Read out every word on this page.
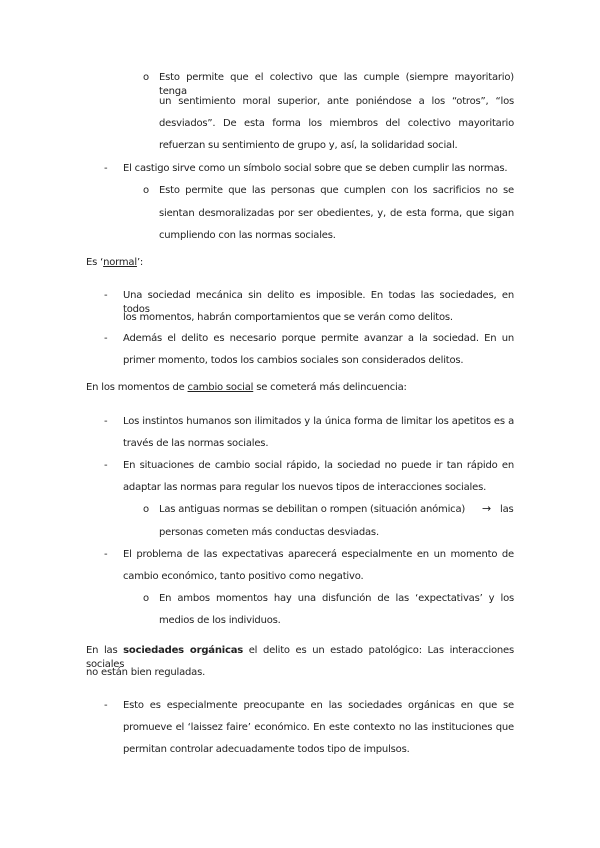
o Esto permite que el colectivo que las cumple (siempre mayoritario) tenga
un sentimiento moral superior, ante poniéndose a los “otros”, “los
desviados”. De esta forma los miembros del colectivo mayoritario
refuerzan su sentimiento de grupo y, así, la solidaridad social.
- El castigo sirve como un símbolo social sobre que se deben cumplir las normas.
o Esto permite que las personas que cumplen con los sacrificios no se
sientan desmoralizadas por ser obedientes, y, de esta forma, que sigan
cumpliendo con las normas sociales.
Es ‘normal’:
- Una sociedad mecánica sin delito es imposible. En todas las sociedades, en todos
los momentos, habrán comportamientos que se verán como delitos.
- Además el delito es necesario porque permite avanzar a la sociedad. En un
primer momento, todos los cambios sociales son considerados delitos.
En los momentos de cambio social se cometerá más delincuencia:
- Los instintos humanos son ilimitados y la única forma de limitar los apetitos es a
través de las normas sociales.
- En situaciones de cambio social rápido, la sociedad no puede ir tan rápido en
adaptar las normas para regular los nuevos tipos de interacciones sociales.
o Las antiguas normas se debilitan o rompen (situación anómica) → las
personas cometen más conductas desviadas.
- El problema de las expectativas aparecerá especialmente en un momento de
cambio económico, tanto positivo como negativo.
o En ambos momentos hay una disfunción de las ‘expectativas’ y los
medios de los individuos.
En las sociedades orgánicas el delito es un estado patológico: Las interacciones sociales
no están bien reguladas.
- Esto es especialmente preocupante en las sociedades orgánicas en que se
promueve el ‘laissez faire’ económico. En este contexto no las instituciones que
permitan controlar adecuadamente todos tipo de impulsos.
